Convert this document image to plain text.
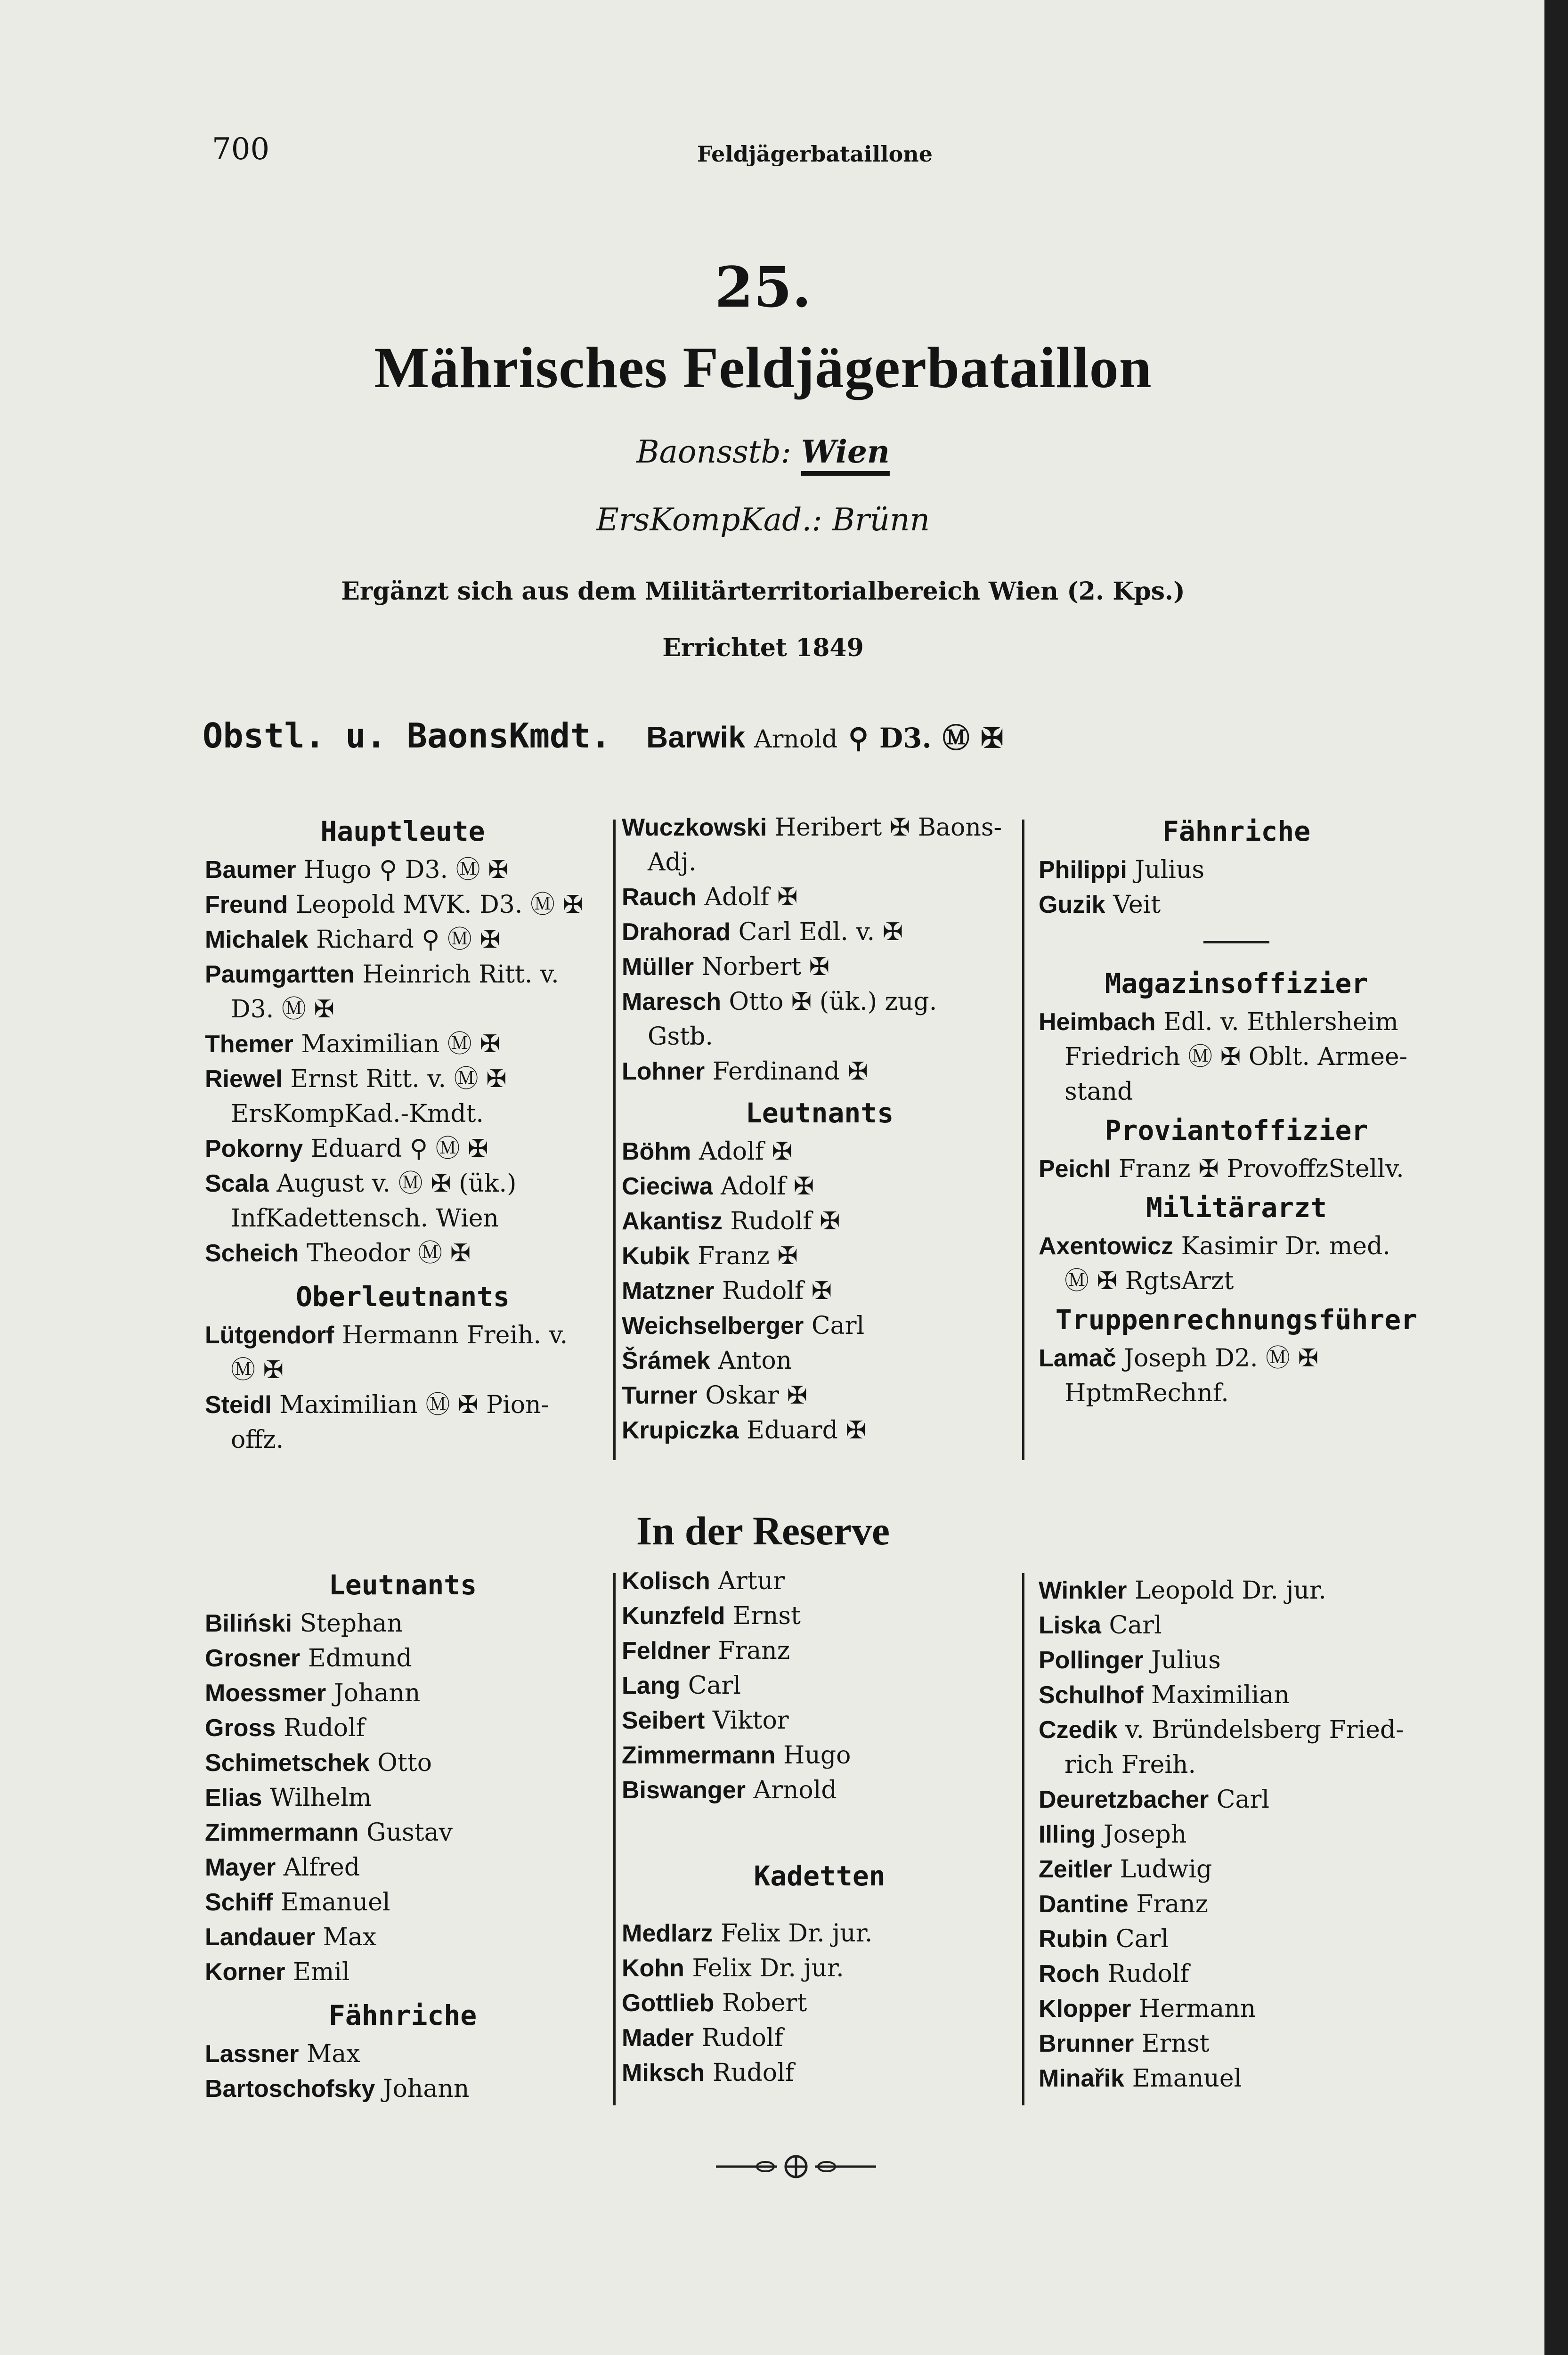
700	Feldjägerbataillone
25.
Mährisches Feldjägerbataillon
Baonsstb: Wien
ErsKompKad.: Brünn
Ergänzt sich aus dem Militärterritorialbereich Wien (2. Kps.)
Errichtet 1849
Obstl. u. BaonsKmdt. Barwik Arnold ⚲ D3. Ⓜ ✠
Hauptleute
Baumer Hugo ⚲ D3. Ⓜ ✠
Freund Leopold MVK. D3. Ⓜ ✠
Michalek Richard ⚲ Ⓜ ✠
Paumgartten Heinrich Ritt. v.
D3. Ⓜ ✠
Themer Maximilian Ⓜ ✠
Riewel Ernst Ritt. v. Ⓜ ✠
ErsKompKad.-Kmdt.
Pokorny Eduard ⚲ Ⓜ ✠
Scala August v. Ⓜ ✠ (ük.)
InfKadettensch. Wien
Scheich Theodor Ⓜ ✠
Oberleutnants
Lütgendorf Hermann Freih. v.
Ⓜ ✠
Steidl Maximilian Ⓜ ✠ Pion-
offz.
Wuczkowski Heribert ✠ Baons-
Adj.
Rauch Adolf ✠
Drahorad Carl Edl. v. ✠
Müller Norbert ✠
Maresch Otto ✠ (ük.) zug.
Gstb.
Lohner Ferdinand ✠
Leutnants
Böhm Adolf ✠
Cieciwa Adolf ✠
Akantisz Rudolf ✠
Kubik Franz ✠
Matzner Rudolf ✠
Weichselberger Carl
Šrámek Anton
Turner Oskar ✠
Krupiczka Eduard ✠
Fähnriche
Philippi Julius
Guzik Veit
Magazinsoffizier
Heimbach Edl. v. Ethlersheim
Friedrich Ⓜ ✠ Oblt. Armee-
stand
Proviantoffizier
Peichl Franz ✠ ProvoffzStellv.
Militärarzt
Axentowicz Kasimir Dr. med.
Ⓜ ✠ RgtsArzt
Truppenrechnungsführer
Lamač Joseph D2. Ⓜ ✠
HptmRechnf.
In der Reserve
Leutnants
Biliński Stephan
Grosner Edmund
Moessmer Johann
Gross Rudolf
Schimetschek Otto
Elias Wilhelm
Zimmermann Gustav
Mayer Alfred
Schiff Emanuel
Landauer Max
Korner Emil
Fähnriche
Lassner Max
Bartoschofsky Johann
Kolisch Artur
Kunzfeld Ernst
Feldner Franz
Lang Carl
Seibert Viktor
Zimmermann Hugo
Biswanger Arnold
Kadetten
Medlarz Felix Dr. jur.
Kohn Felix Dr. jur.
Gottlieb Robert
Mader Rudolf
Miksch Rudolf
Winkler Leopold Dr. jur.
Liska Carl
Pollinger Julius
Schulhof Maximilian
Czedik v. Bründelsberg Fried-
rich Freih.
Deuretzbacher Carl
Illing Joseph
Zeitler Ludwig
Dantine Franz
Rubin Carl
Roch Rudolf
Klopper Hermann
Brunner Ernst
Minařik Emanuel
